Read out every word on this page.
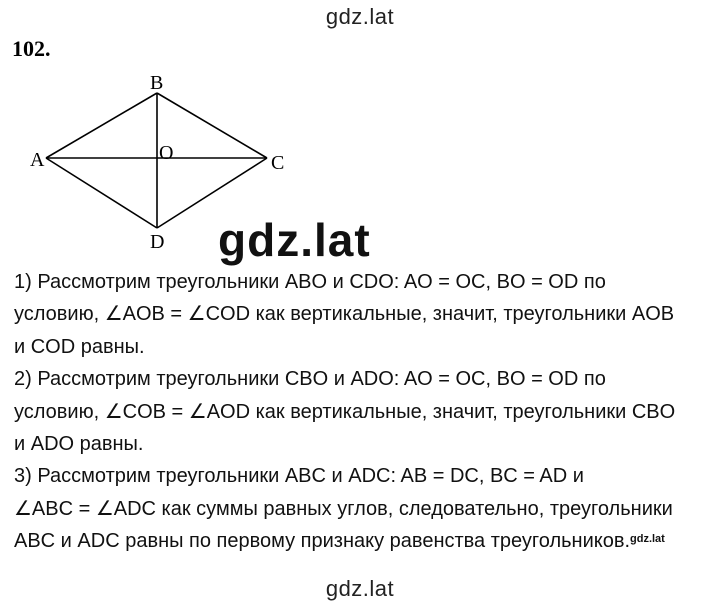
gdz.lat
102.
A
B
C
D
O
gdz.lat
1) Рассмотрим треугольники ABO и CDO: AO = OC, BO = OD по
условию, ∠AOB = ∠COD как вертикальные, значит, треугольники AOB
и COD равны.
2) Рассмотрим треугольники CBO и ADO: AO = OC, BO = OD по
условию, ∠COB = ∠AOD как вертикальные, значит, треугольники CBO
и ADO равны.
3) Рассмотрим треугольники ABC и ADC: AB = DC, BC = AD и
∠ABC = ∠ADC как суммы равных углов, следовательно, треугольники
ABC и ADC равны по первому признаку равенства треугольников. gdz.lat
gdz.lat
